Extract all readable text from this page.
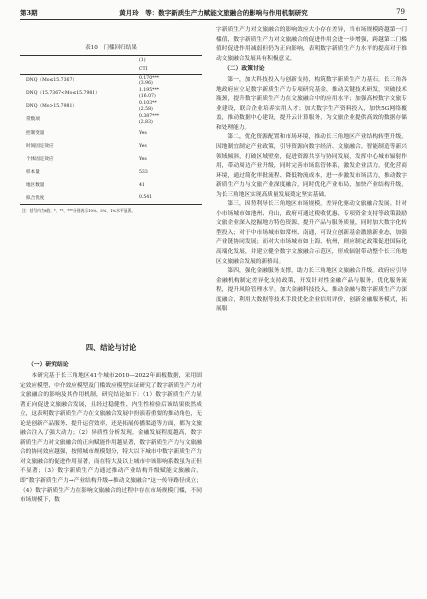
第3期	黄月玲　等：数字新质生产力赋能文旅融合的影响与作用机制研究	79
表10　门槛回归结果
	(1)
	CTI
DNQ（Mo≤15.7367）	0.170***
(3.96)

DNQ（15.7367<Mo≤15.7981）	1.195***
(16.07)

DNQ（Mo>15.7981）	0.103**
(2.58)

常数项	0.387***
(2.83)

控制变量	Yes
时间固定效应	Yes
个体固定效应	Yes
样本量	533
地区数量	41
拟合优度	0.541
注：括号内为t值；*、**、***分别表示10%、5%、1%水平显著。
四、结论与讨论
（一）研究结论

本研究基于长三角地区41个城市2010—2022年面板数据，采用固定效应模型、中介效应模型及门槛效应模型实证研究了数字新质生产力对文旅融合的影响及其作用机制，研究结论如下：（1）数字新质生产力显著正向促进文旅融合发展，且经过稳健性、内生性检验后该结果依然成立，这表明数字新质生产力在文旅融合发展中扮演着重要的推动角色，无论是创新产品服务、提升运营效率，还是拓展传播渠道等方面，都为文旅融合注入了强大动力；（2）异质性分析发现，金融发展程度越高，数字新质生产力对文旅融合的正向赋能作用越显著，数字新质生产力与文旅融合的协同效应越强，按照城市规模划分，特大以下城市中数字新质生产力对文旅融合的促进作用显著，而在特大及以上城市中该影响系数虽为正但不显著；（3）数字新质生产力通过推动产业结构升级赋能文旅融合，即“数字新质生产力→产业结构升级→推动文旅融合”这一传导路径成立；（4）数字新质生产力在影响文旅融合的过程中存在市场规模门槛，不同市场规模下，数

字新质生产力对文旅融合的影响效应大小存在差异，当市场规模跨越第一门槛值，数字新质生产力对文旅融合的促进作用会进一步增强，跨越第二门槛值时促进作用减弱但仍为正向影响，表明数字新质生产力水平的提高对于推动文旅融合发展具有积极意义。

（二）政策讨论

第一，加大科技投入与创新支持，构筑数字新质生产力基石。长三角各地政府应立足数字新质生产力专项研究基金，推动关键技术研发，突破技术瓶颈，提升数字新质生产力在文旅融合中的应用水平；加强高校数字文旅专业建设，联合企业培养实用人才；加大数字生产资料投入，加快5G网络覆盖，推动数据中心建设，提升云计算服务，为文旅企业提供高效的数据存储和处理能力。

第二，优化资源配置和市场环境，推动长三角地区产业结构转型升级。因地制宜制定产业政策，引导资源向数字经济、文旅融合、智能制造等新兴领域倾斜，打破区域壁垒，促进资源共享与协同发展，发挥中心城市辐射作用，带动周边产业升级，同时完善市场监管体系，激发企业活力，优化营商环境，通过简化审批流程、降低物流成本，进一步激发市场活力，推动数字新质生产力与文旅产业深度融合，同时优化产业布局，加快产业结构升级，为长三角地区实现高质量发展奠定坚实基础。

第三，因势利导长三角地区市场规模，差异化驱动文旅融合发展。针对小市场城市如池州、舟山，政府可通过税收优惠、专项资金支持等政策鼓励文旅企业深入挖掘地方特色资源，提升产品与服务质量，同时加大数字化转型投入；对于中市场城市如常州、南通，可设立创新基金激励新业态，加强产业链协同发展；而对大市场城市如上海、杭州，则应制定政策促进国际化高端化发展，并建立健全数字文旅融合示范区，形成辐射带动整个长三角地区文旅融合发展的新格局。

第四，强化金融服务支撑，助力长三角地区文旅融合升级。政府应引导金融机构制定差异化支持政策，开发针对性金融产品与服务，优化服务流程，提升风险管理水平。加大金融科技投入，推动金融与数字新质生产力深度融合，利用大数据等技术手段优化企业信用评价，创新金融服务模式，拓展服
